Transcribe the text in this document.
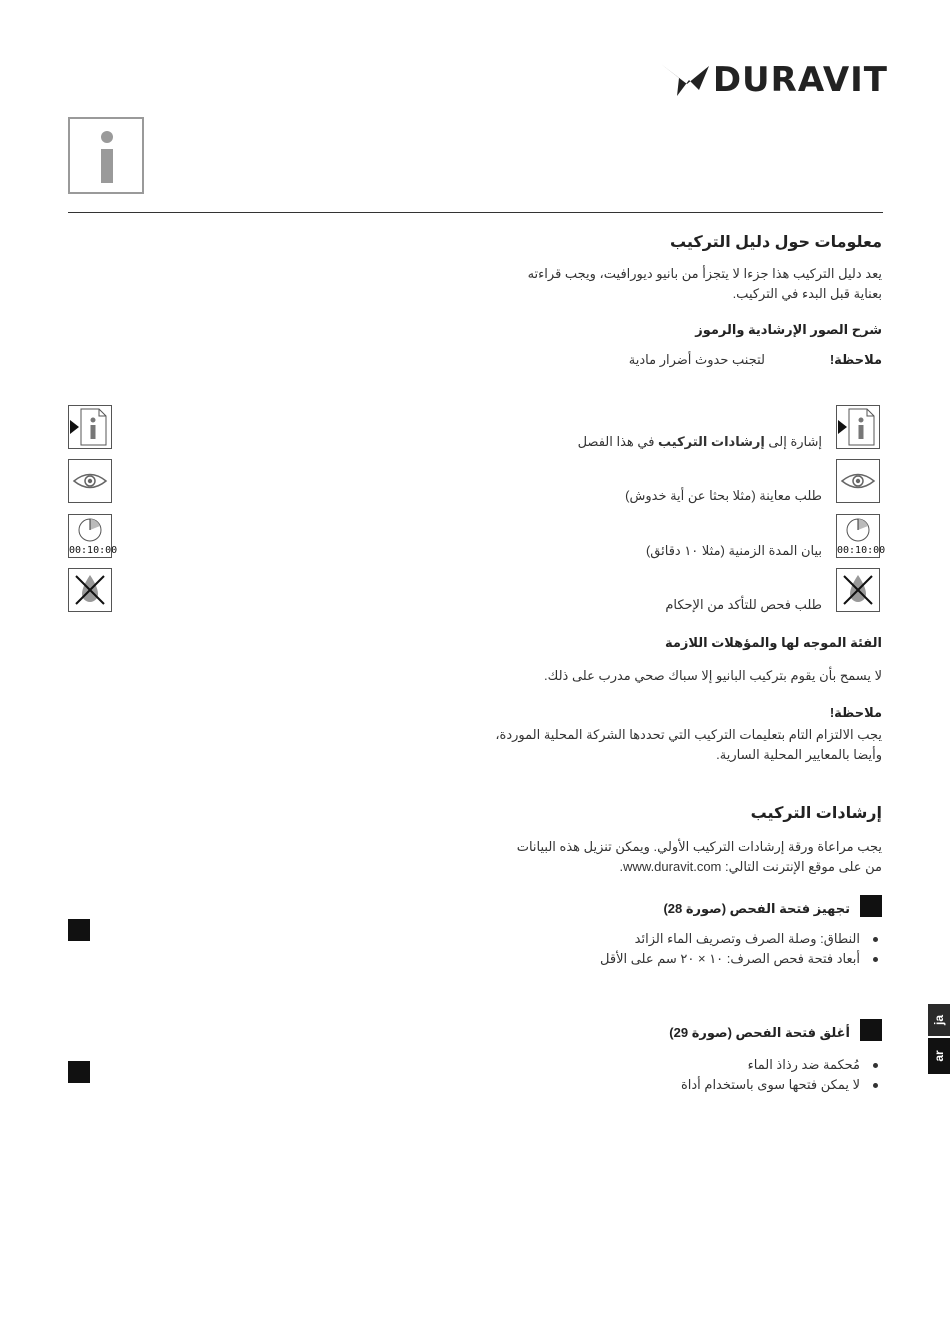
DURAVIT
معلومات حول دليل التركيب
يعد دليل التركيب هذا جزءا لا يتجزأ من بانيو ديورافيت، ويجب قراءته
بعناية قبل البدء في التركيب.
شرح الصور الإرشادية والرموز
ملاحظة!
لتجنب حدوث أضرار مادية
00:10:00
00:10:00
إشارة إلى إرشادات التركيب في هذا الفصل
طلب معاينة (مثلا بحثا عن أية خدوش)
بيان المدة الزمنية (مثلا ١٠ دقائق)
طلب فحص للتأكد من الإحكام
الفئة الموجه لها والمؤهلات اللازمة
لا يسمح بأن يقوم بتركيب البانيو إلا سباك صحي مدرب على ذلك.
ملاحظة!
يجب الالتزام التام بتعليمات التركيب التي تحددها الشركة المحلية الموردة،
وأيضا بالمعايير المحلية السارية.
إرشادات التركيب
يجب مراعاة ورقة إرشادات التركيب الأولي. ويمكن تنزيل هذه البيانات
من على موقع الإنترنت التالي: www.duravit.com.
تجهيز فتحة الفحص (صورة 28)
النطاق: وصلة الصرف وتصريف الماء الزائد
أبعاد فتحة فحص الصرف: ١٠ × ٢٠ سم على الأقل
أغلق فتحة الفحص (صورة 29)
مُحكمة ضد رذاذ الماء
لا يمكن فتحها سوى باستخدام أداة
ja
ar
